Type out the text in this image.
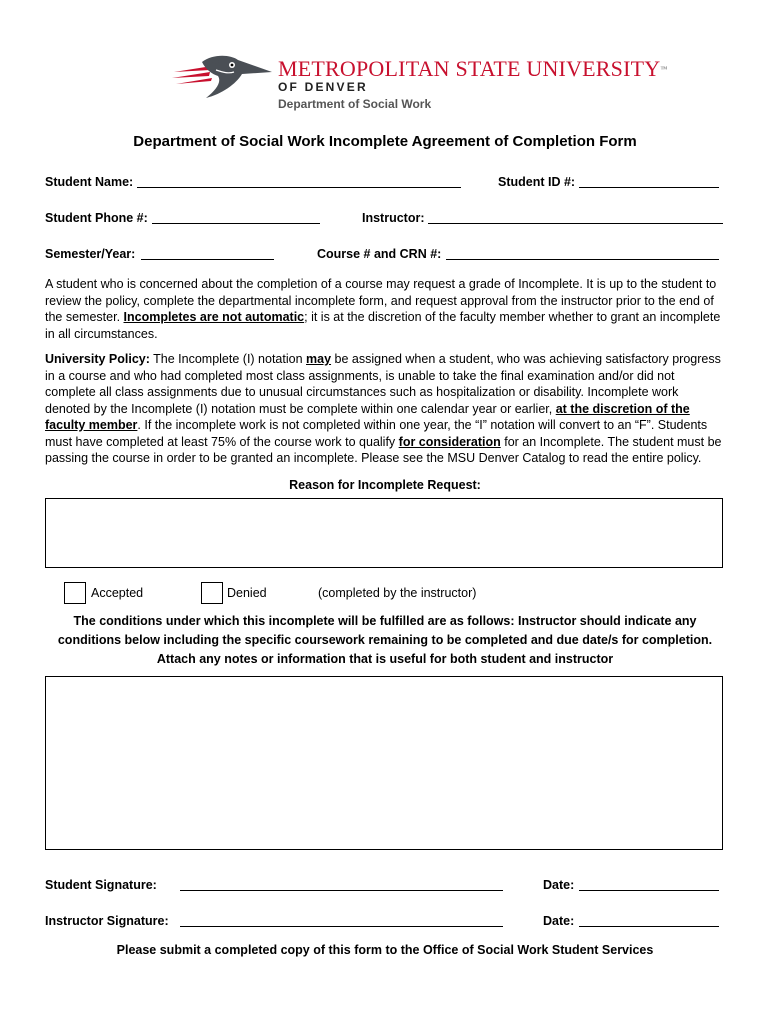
METROPOLITAN STATE UNIVERSITY™
OF DENVER
Department of Social Work
Department of Social Work Incomplete Agreement of Completion Form
Student Name:	Student ID #:
Student Phone #:	Instructor:
Semester/Year:	Course # and CRN #:
A student who is concerned about the completion of a course may request a grade of Incomplete. It is up to the student to review the policy, complete the departmental incomplete form, and request approval from the instructor prior to the end of the semester. Incompletes are not automatic; it is at the discretion of the faculty member whether to grant an incomplete in all circumstances.
University Policy: The Incomplete (I) notation may be assigned when a student, who was achieving satisfactory progress in a course and who had completed most class assignments, is unable to take the final examination and/or did not complete all class assignments due to unusual circumstances such as hospitalization or disability. Incomplete work denoted by the Incomplete (I) notation must be complete within one calendar year or earlier, at the discretion of the faculty member. If the incomplete work is not completed within one year, the “I” notation will convert to an “F”. Students must have completed at least 75% of the course work to qualify for consideration for an Incomplete. The student must be passing the course in order to be granted an incomplete. Please see the MSU Denver Catalog to read the entire policy.
Reason for Incomplete Request:
Accepted	Denied	(completed by the instructor)
The conditions under which this incomplete will be fulfilled are as follows: Instructor should indicate any
conditions below including the specific coursework remaining to be completed and due date/s for completion.
Attach any notes or information that is useful for both student and instructor
Student Signature:	Date:
Instructor Signature:	Date:
Please submit a completed copy of this form to the Office of Social Work Student Services
